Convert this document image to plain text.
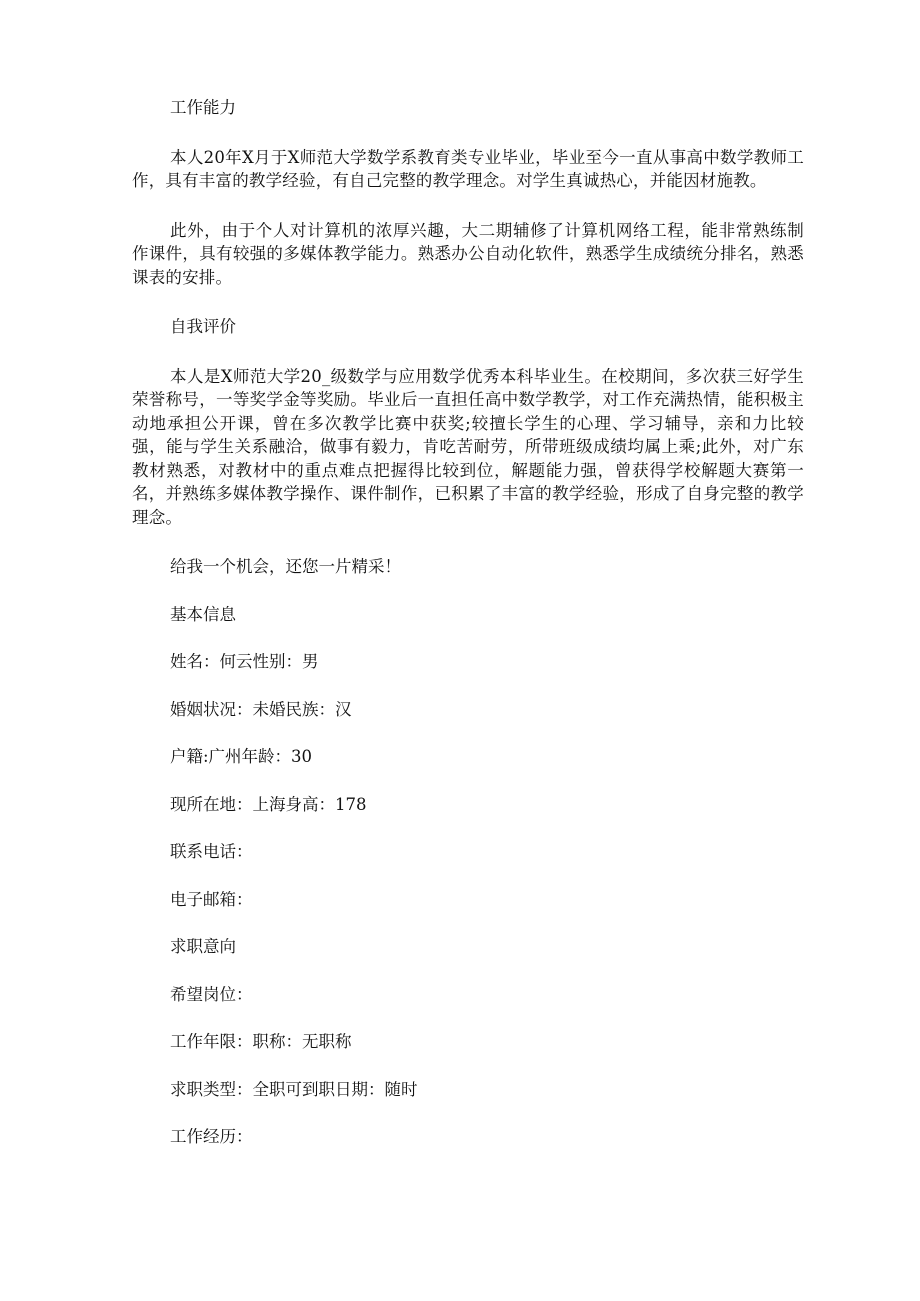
工作能力

本人20年X月于X师范大学数学系教育类专业毕业，毕业至今一直从事高中数学教师工作，具有丰富的教学经验，有自己完整的教学理念。对学生真诚热心，并能因材施教。

此外，由于个人对计算机的浓厚兴趣，大二期辅修了计算机网络工程，能非常熟练制作课件，具有较强的多媒体教学能力。熟悉办公自动化软件，熟悉学生成绩统分排名，熟悉课表的安排。

自我评价

本人是X师范大学20_级数学与应用数学优秀本科毕业生。在校期间，多次获三好学生荣誉称号，一等奖学金等奖励。毕业后一直担任高中数学教学，对工作充满热情，能积极主动地承担公开课，曾在多次教学比赛中获奖;较擅长学生的心理、学习辅导，亲和力比较强，能与学生关系融洽，做事有毅力，肯吃苦耐劳，所带班级成绩均属上乘;此外，对广东教材熟悉，对教材中的重点难点把握得比较到位，解题能力强，曾获得学校解题大赛第一名，并熟练多媒体教学操作、课件制作，已积累了丰富的教学经验，形成了自身完整的教学理念。

给我一个机会，还您一片精采！

基本信息

姓名：何云性别：男

婚姻状况：未婚民族：汉

户籍:广州年龄：30

现所在地：上海身高：178

联系电话：

电子邮箱：

求职意向

希望岗位：

工作年限：职称：无职称

求职类型：全职可到职日期：随时

工作经历：
